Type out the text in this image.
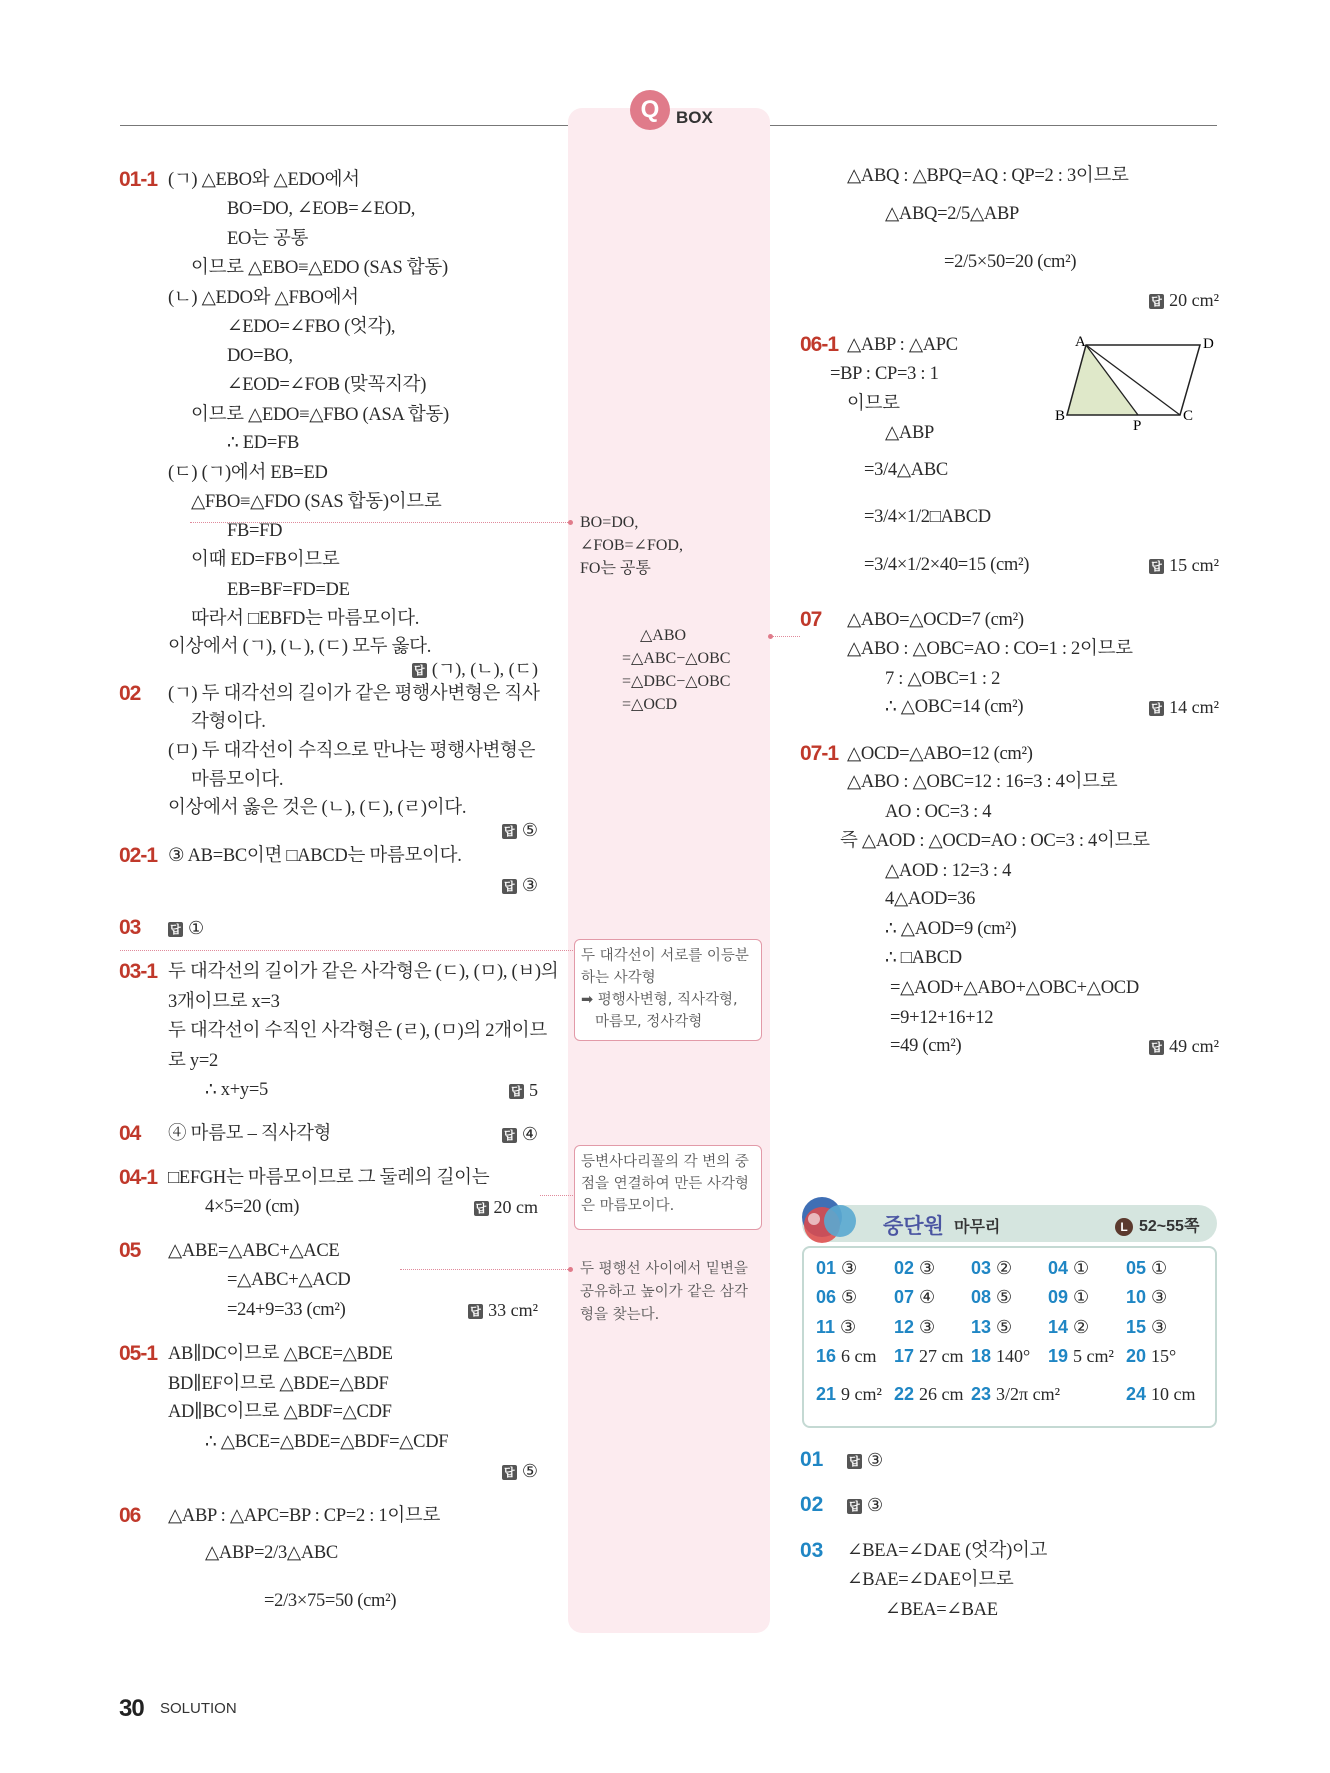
Q BOX
01-1 (ㄱ) △EBO와 △EDO에서
BO=DO, ∠EOB=∠EOD,
EO는 공통
이므로 △EBO≡△EDO (SAS 합동)
(ㄴ) △EDO와 △FBO에서
∠EDO=∠FBO (엇각),
DO=BO,
∠EOD=∠FOB (맞꼭지각)
이므로 △EDO≡△FBO (ASA 합동)
∴ ED=FB
(ㄷ) (ㄱ)에서 EB=ED
△FBO≡△FDO (SAS 합동)이므로
FB=FD
이때 ED=FB이므로
EB=BF=FD=DE
따라서 □EBFD는 마름모이다.
이상에서 (ㄱ), (ㄴ), (ㄷ) 모두 옳다.
답 (ㄱ), (ㄴ), (ㄷ)
02 (ㄱ) 두 대각선의 길이가 같은 평행사변형은 직사
각형이다.
(ㅁ) 두 대각선이 수직으로 만나는 평행사변형은
마름모이다.
이상에서 옳은 것은 (ㄴ), (ㄷ), (ㄹ)이다.
답 ⑤
02-1 ③ AB=BC이면 □ABCD는 마름모이다.
답 ③
03	답 ①
03-1 두 대각선의 길이가 같은 사각형은 (ㄷ), (ㅁ), (ㅂ)의
3개이므로 x=3
두 대각선이 수직인 사각형은 (ㄹ), (ㅁ)의 2개이므
로 y=2
∴ x+y=5	답 5
04 ④ 마름모 – 직사각형	답 ④
04-1 □EFGH는 마름모이므로 그 둘레의 길이는
4×5=20 (cm)	답 20 cm
05 △ABE=△ABC+△ACE
=△ABC+△ACD
=24+9=33 (cm²)	답 33 cm²
05-1 AB∥DC이므로 △BCE=△BDE
BD∥EF이므로 △BDE=△BDF
AD∥BC이므로 △BDF=△CDF
∴ △BCE=△BDE=△BDF=△CDF
답 ⑤
06 △ABP : △APC=BP : CP=2 : 1이므로
△ABP=2/3△ABC
=2/3×75=50 (cm²)
BO=DO,
∠FOB=∠FOD,
FO는 공통
△ABO
=△ABC−△OBC
=△DBC−△OBC
=△OCD
두 대각선이 서로를 이등분
하는 사각형
➡ 평행사변형, 직사각형,
마름모, 정사각형
등변사다리꼴의 각 변의 중
점을 연결하여 만든 사각형
은 마름모이다.
두 평행선 사이에서 밑변을
공유하고 높이가 같은 삼각
형을 찾는다.
△ABQ : △BPQ=AQ : QP=2 : 3이므로
△ABQ=2/5△ABP
=2/5×50=20 (cm²)
답 20 cm²
06-1 △ABP : △APC
=BP : CP=3 : 1
이므로
△ABP
=3/4△ABC
=3/4×1/2□ABCD
=3/4×1/2×40=15 (cm²)	답 15 cm²
A	D
B
P
C
07 △ABO=△OCD=7 (cm²)
△ABO : △OBC=AO : CO=1 : 2이므로
7 : △OBC=1 : 2
∴ △OBC=14 (cm²)	답 14 cm²
07-1 △OCD=△ABO=12 (cm²)
△ABO : △OBC=12 : 16=3 : 4이므로
AO : OC=3 : 4
즉 △AOD : △OCD=AO : OC=3 : 4이므로
△AOD : 12=3 : 4
4△AOD=36
∴ △AOD=9 (cm²)
∴ □ABCD
=△AOD+△ABO+△OBC+△OCD
=9+12+16+12
=49 (cm²)	답 49 cm²
중단원 마무리	L 52~55쪽
01 ③ 02 ③ 03 ② 04 ① 05 ①
06 ⑤ 07 ④ 08 ⑤ 09 ① 10 ③
11 ③ 12 ③ 13 ⑤ 14 ② 15 ③
16 6 cm 17 27 cm 18 140° 19 5 cm² 20 15°
21 9 cm² 22 26 cm 23 3/2π cm²	24 10 cm
01 답 ③
02 답 ③
03 ∠BEA=∠DAE (엇각)이고
∠BAE=∠DAE이므로
∠BEA=∠BAE
30 SOLUTION
